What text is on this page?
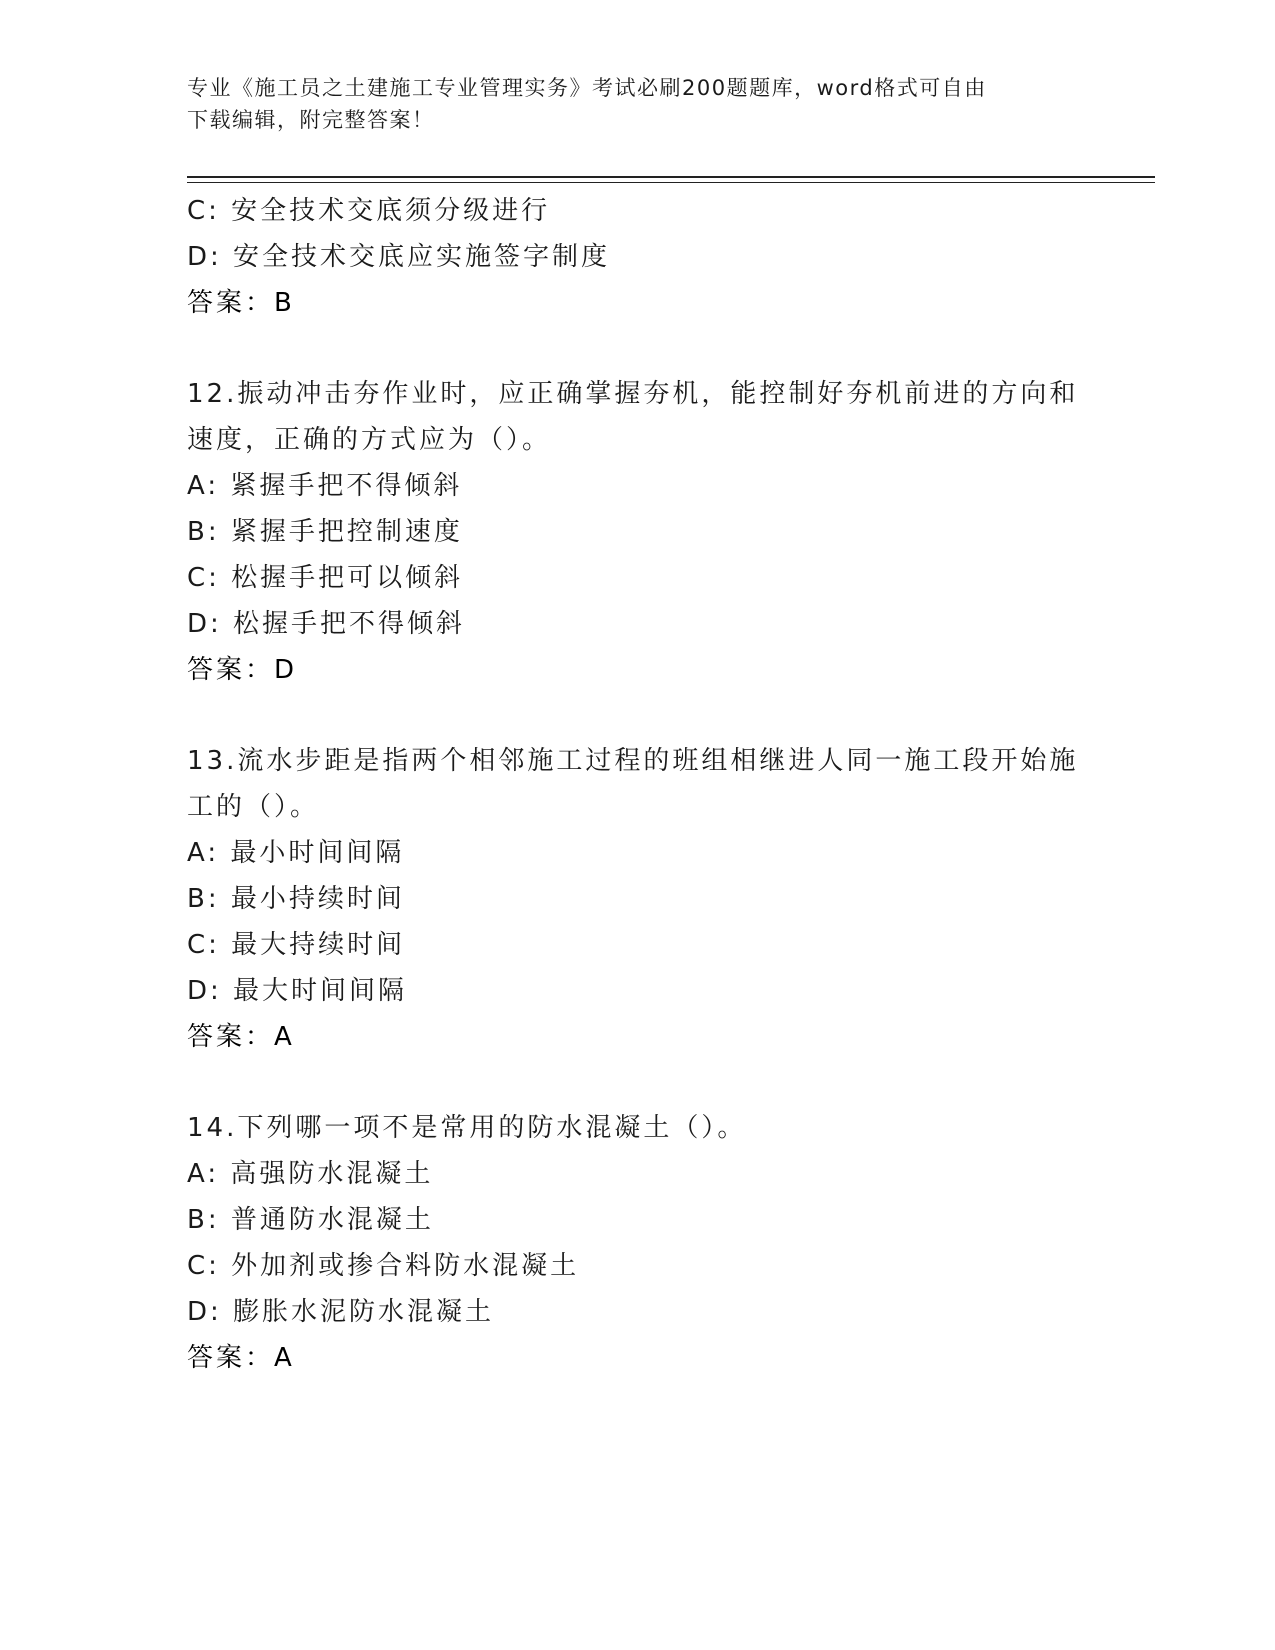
专业《施工员之土建施工专业管理实务》考试必刷200题题库，word格式可自由
下载编辑，附完整答案！
C: 安全技术交底须分级进行
D: 安全技术交底应实施签字制度
答案：B
12.振动冲击夯作业时，应正确掌握夯机，能控制好夯机前进的方向和
速度，正确的方式应为（）。
A: 紧握手把不得倾斜
B: 紧握手把控制速度
C: 松握手把可以倾斜
D: 松握手把不得倾斜
答案：D
13.流水步距是指两个相邻施工过程的班组相继进人同一施工段开始施
工的（）。
A: 最小时间间隔
B: 最小持续时间
C: 最大持续时间
D: 最大时间间隔
答案：A
14.下列哪一项不是常用的防水混凝土（）。
A: 高强防水混凝土
B: 普通防水混凝土
C: 外加剂或掺合料防水混凝土
D: 膨胀水泥防水混凝土
答案：A
